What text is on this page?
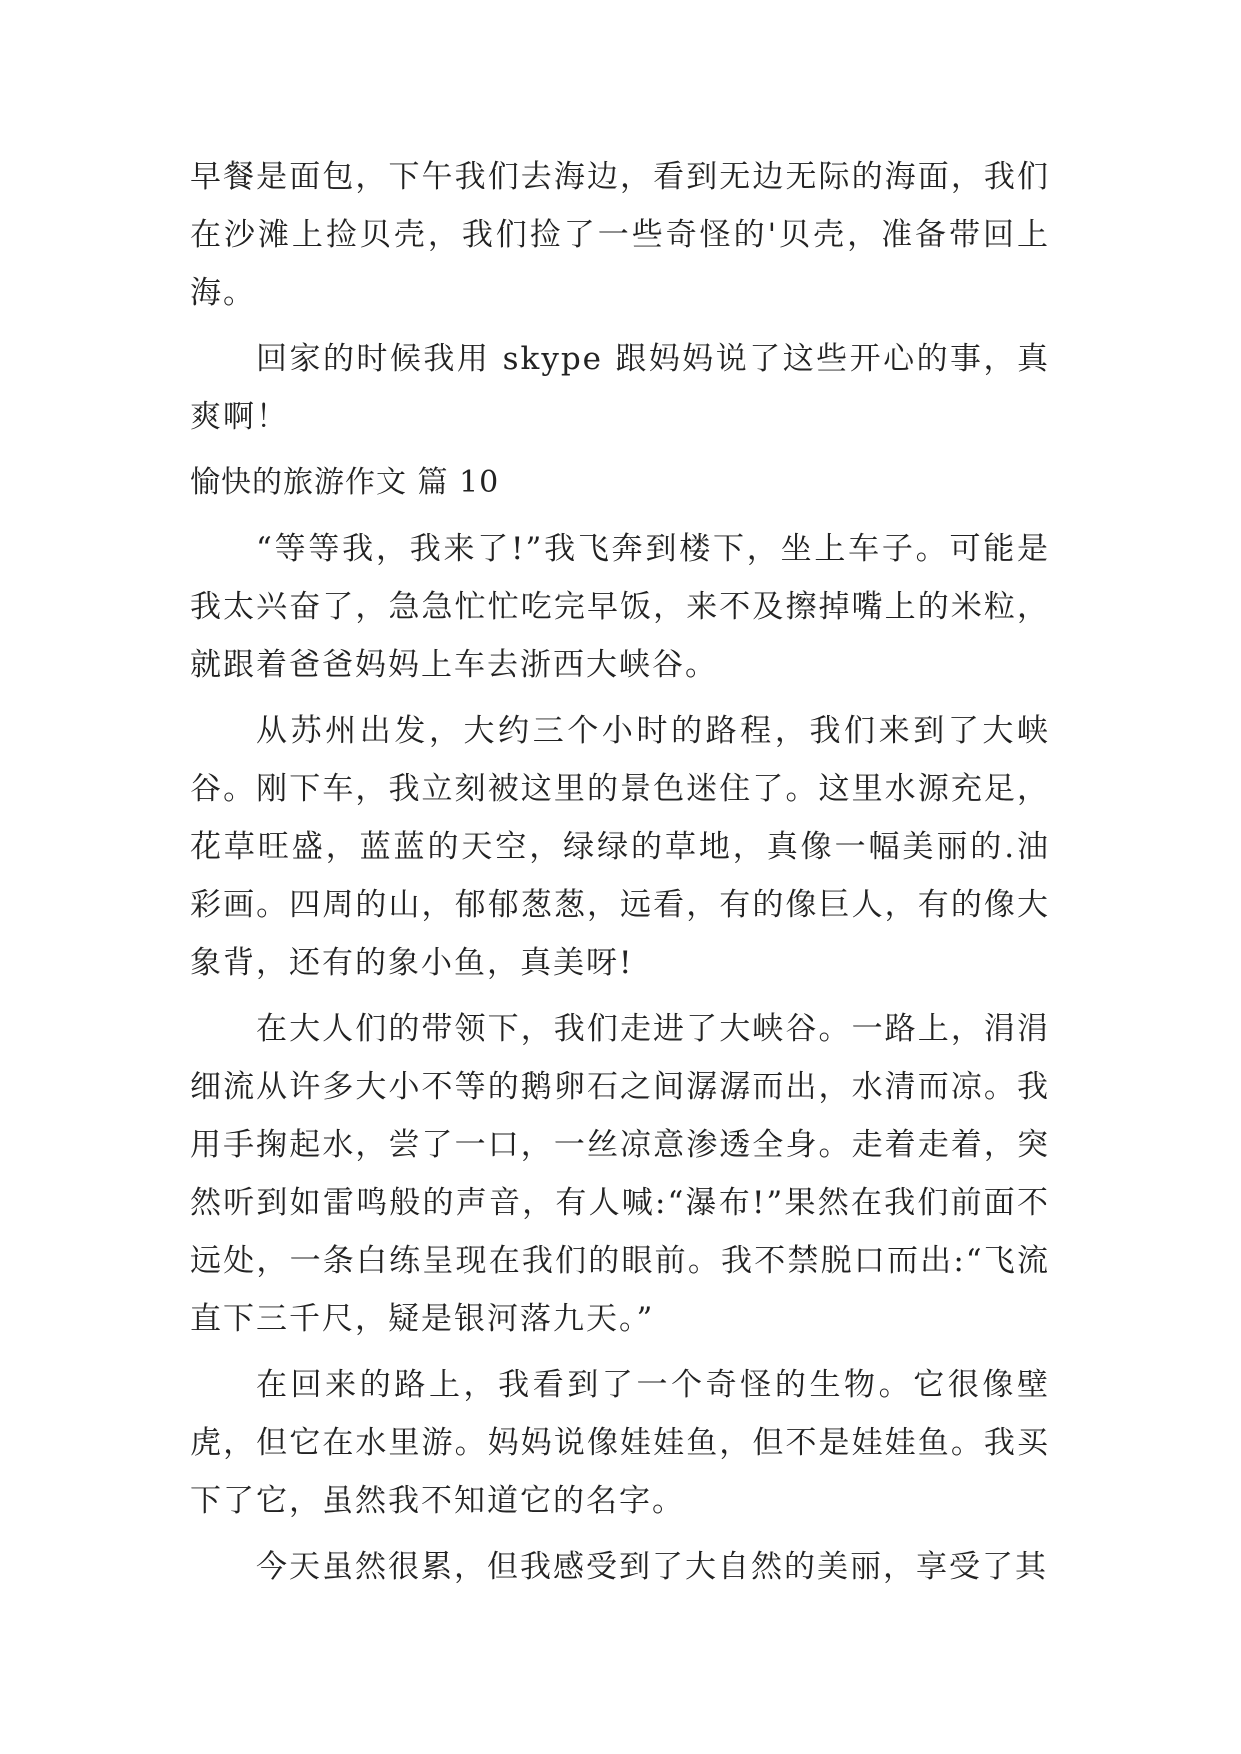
早餐是面包，下午我们去海边，看到无边无际的海面，我们在沙滩上捡贝壳，我们捡了一些奇怪的'贝壳，准备带回上海。

回家的时候我用 skype 跟妈妈说了这些开心的事，真爽啊！

愉快的旅游作文 篇 10

“等等我，我来了!”我飞奔到楼下，坐上车子。可能是我太兴奋了，急急忙忙吃完早饭，来不及擦掉嘴上的米粒，就跟着爸爸妈妈上车去浙西大峡谷。

从苏州出发，大约三个小时的路程，我们来到了大峡谷。刚下车，我立刻被这里的景色迷住了。这里水源充足，花草旺盛，蓝蓝的天空，绿绿的草地，真像一幅美丽的.油彩画。四周的山，郁郁葱葱，远看，有的像巨人，有的像大象背，还有的象小鱼，真美呀!

在大人们的带领下，我们走进了大峡谷。一路上，涓涓细流从许多大小不等的鹅卵石之间潺潺而出，水清而凉。我用手掬起水，尝了一口，一丝凉意渗透全身。走着走着，突然听到如雷鸣般的声音，有人喊:“瀑布!”果然在我们前面不远处，一条白练呈现在我们的眼前。我不禁脱口而出:“飞流直下三千尺，疑是银河落九天。”

在回来的路上，我看到了一个奇怪的生物。它很像壁虎，但它在水里游。妈妈说像娃娃鱼，但不是娃娃鱼。我买下了它，虽然我不知道它的名字。

今天虽然很累，但我感受到了大自然的美丽，享受了其
